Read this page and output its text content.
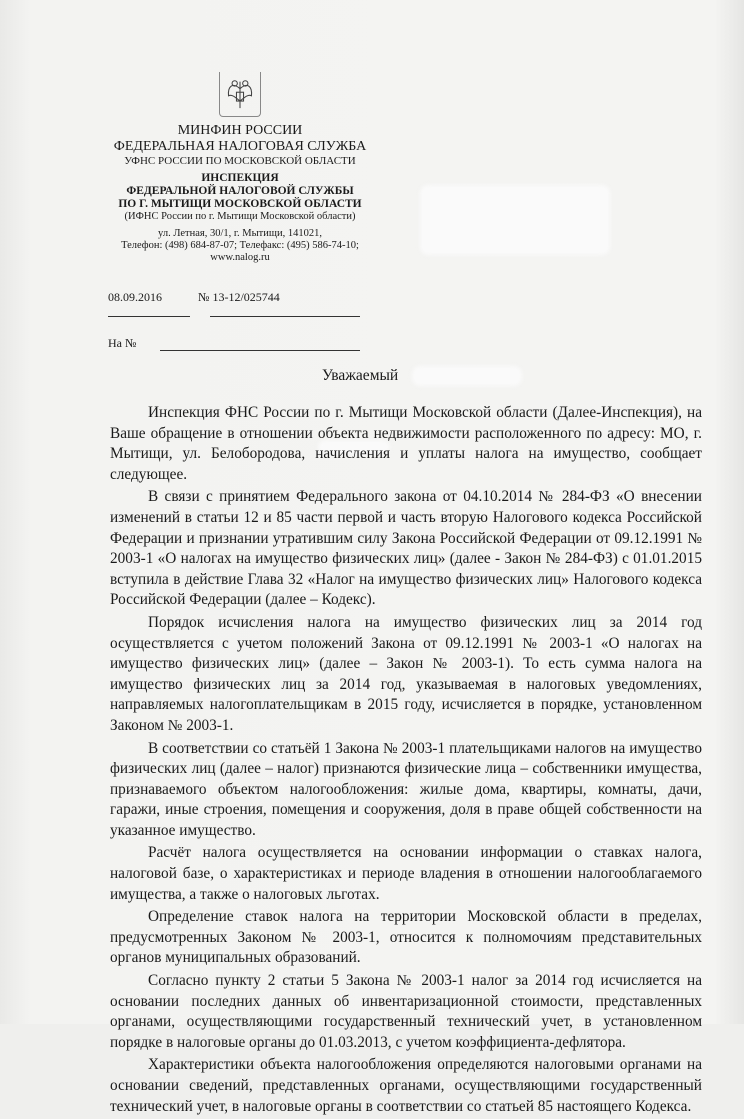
МИНФИН РОССИИ
ФЕДЕРАЛЬНАЯ НАЛОГОВАЯ СЛУЖБА
УФНС РОССИИ ПО МОСКОВСКОЙ ОБЛАСТИ
ИНСПЕКЦИЯ
ФЕДЕРАЛЬНОЙ НАЛОГОВОЙ СЛУЖБЫ
ПО Г. МЫТИЩИ МОСКОВСКОЙ ОБЛАСТИ
(ИФНС России по г. Мытищи Московской области)
ул. Летная, 30/1, г. Мытищи, 141021,
Телефон: (498) 684-87-07; Телефакс: (495) 586-74-10;
www.nalog.ru
08.09.2016	№ 13-12/025744
На №
Уважаемый

Инспекция ФНС России по г. Мытищи Московской области (Далее-Инспекция), на Ваше обращение в отношении объекта недвижимости расположенного по адресу: МО, г. Мытищи, ул. Белобородова, начисления и уплаты налога на имущество, сообщает следующее.

В связи с принятием Федерального закона от 04.10.2014 № 284-ФЗ «О внесении изменений в статьи 12 и 85 части первой и часть вторую Налогового кодекса Российской Федерации и признании утратившим силу Закона Российской Федерации от 09.12.1991 № 2003-1 «О налогах на имущество физических лиц» (далее - Закон № 284-ФЗ) с 01.01.2015 вступила в действие Глава 32 «Налог на имущество физических лиц» Налогового кодекса Российской Федерации (далее – Кодекс).

Порядок исчисления налога на имущество физических лиц за 2014 год осуществляется с учетом положений Закона от 09.12.1991 № 2003-1 «О налогах на имущество физических лиц» (далее – Закон № 2003-1). То есть сумма налога на имущество физических лиц за 2014 год, указываемая в налоговых уведомлениях, направляемых налогоплательщикам в 2015 году, исчисляется в порядке, установленном Законом № 2003-1.

В соответствии со статьёй 1 Закона № 2003-1 плательщиками налогов на имущество физических лиц (далее – налог) признаются физические лица – собственники имущества, признаваемого объектом налогообложения: жилые дома, квартиры, комнаты, дачи, гаражи, иные строения, помещения и сооружения, доля в праве общей собственности на указанное имущество.

Расчёт налога осуществляется на основании информации о ставках налога, налоговой базе, о характеристиках и периоде владения в отношении налогооблагаемого имущества, а также о налоговых льготах.

Определение ставок налога на территории Московской области в пределах, предусмотренных Законом № 2003-1, относится к полномочиям представительных органов муниципальных образований.

Согласно пункту 2 статьи 5 Закона № 2003-1 налог за 2014 год исчисляется на основании последних данных об инвентаризационной стоимости, представленных органами, осуществляющими государственный технический учет, в установленном порядке в налоговые органы до 01.03.2013, с учетом коэффициента-дефлятора.

Характеристики объекта налогообложения определяются налоговыми органами на основании сведений, представленных органами, осуществляющими государственный технический учет, в налоговые органы в соответствии со статьей 85 настоящего Кодекса.
